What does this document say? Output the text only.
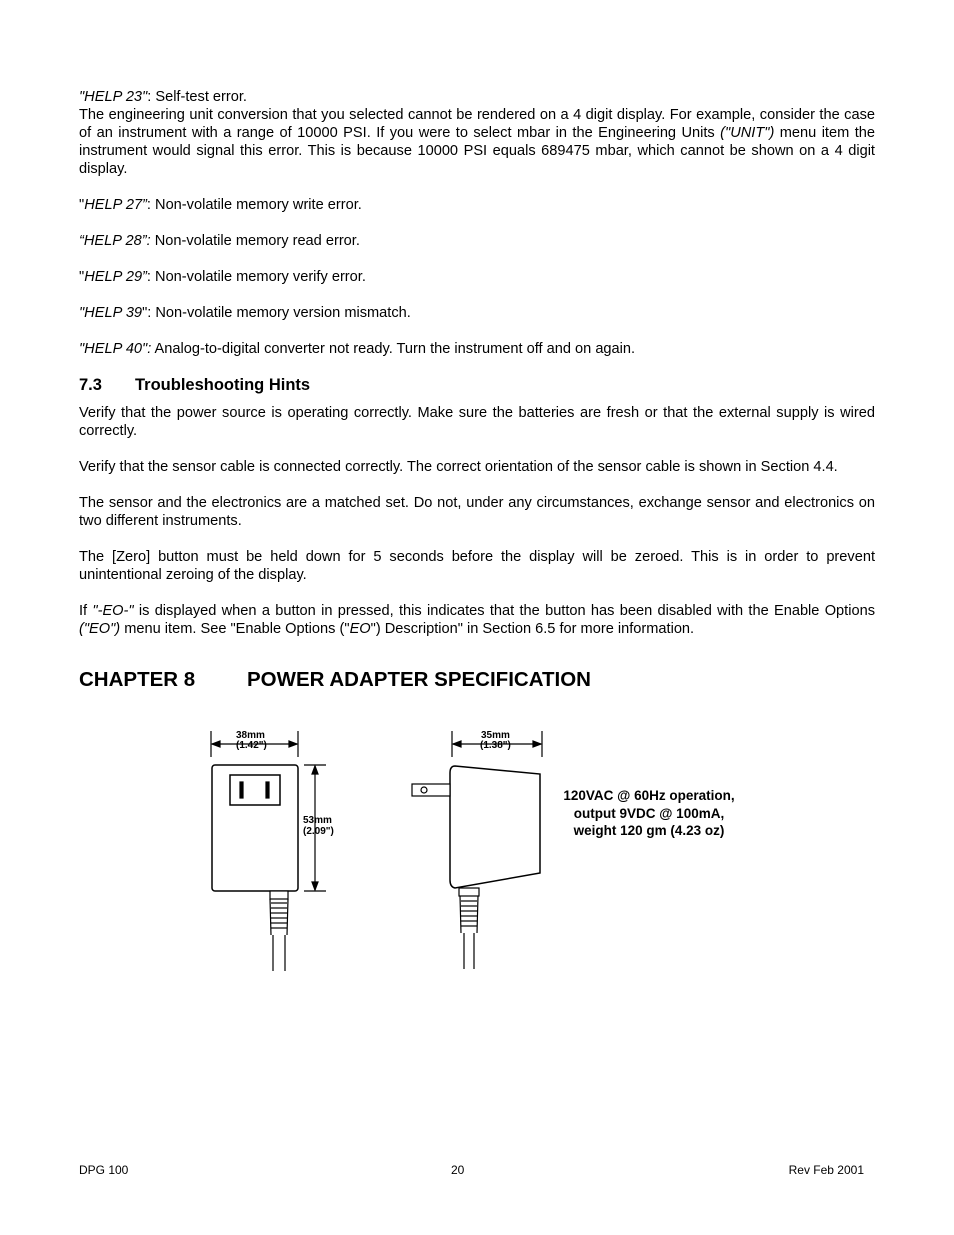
"HELP 23": Self-test error.

The engineering unit conversion that you selected cannot be rendered on a 4 digit display. For example, consider the case of an instrument with a range of 10000 PSI. If you were to select mbar in the Engineering Units ("UNIT") menu item the instrument would signal this error. This is because 10000 PSI equals 689475 mbar, which cannot be shown on a 4 digit display.

"HELP 27”: Non-volatile memory write error.

“HELP 28”: Non-volatile memory read error.

"HELP 29”: Non-volatile memory verify error.

"HELP 39": Non-volatile memory version mismatch.

"HELP 40": Analog-to-digital converter not ready. Turn the instrument off and on again.

7.3 Troubleshooting Hints

Verify that the power source is operating correctly. Make sure the batteries are fresh or that the external supply is wired correctly.

Verify that the sensor cable is connected correctly. The correct orientation of the sensor cable is shown in Section 4.4.

The sensor and the electronics are a matched set. Do not, under any circumstances, exchange sensor and electronics on two different instruments.

The [Zero] button must be held down for 5 seconds before the display will be zeroed. This is in order to prevent unintentional zeroing of the display.

If "-EO-" is displayed when a button in pressed, this indicates that the button has been disabled with the Enable Options ("EO") menu item. See "Enable Options ("EO") Description" in Section 6.5 for more information.

CHAPTER 8	POWER ADAPTER SPECIFICATION
38mm
(1.42")
53mm
(2.09")
35mm
(1.38")
120VAC @ 60Hz operation,
output 9VDC @ 100mA,
weight 120 gm (4.23 oz)
DPG 100	20	Rev Feb 2001
